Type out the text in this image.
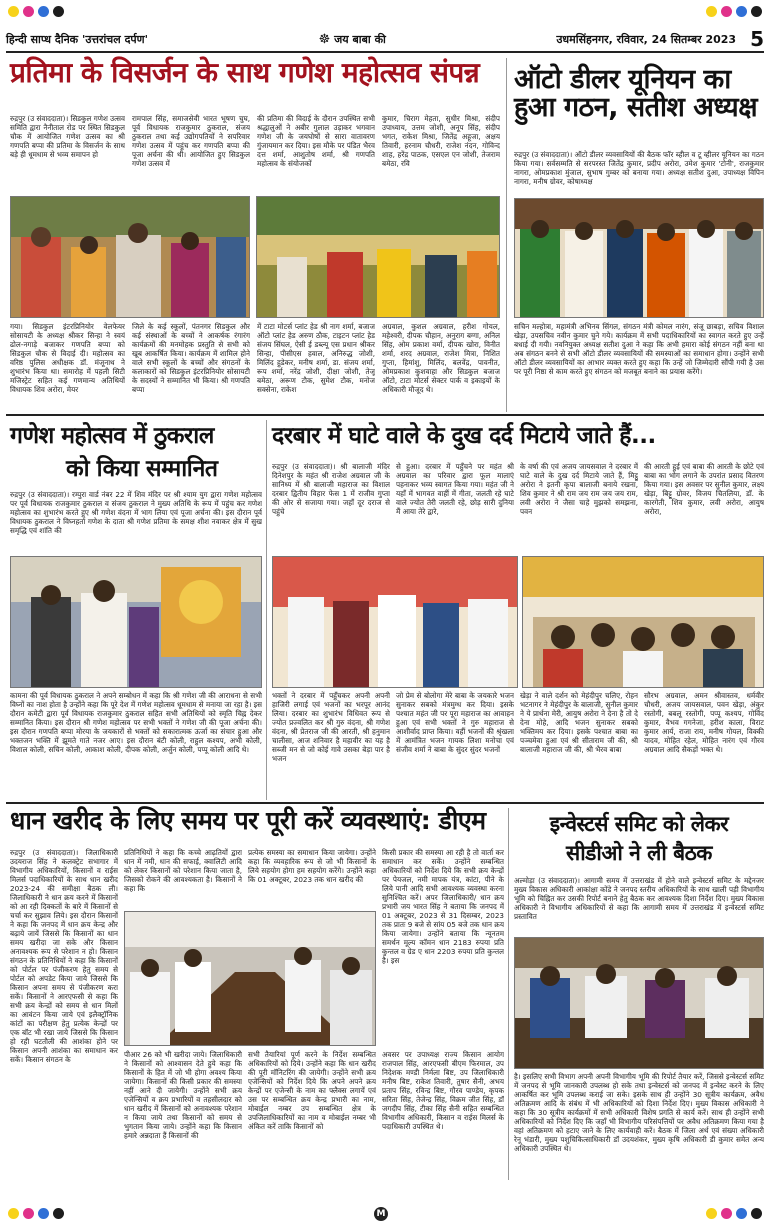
हिन्दी साप्ध दैनिक 'उत्तरांचल दर्पण'	☸ जय बाबा की	उधमसिंहनगर, रविवार, 24 सितम्बर 2023 5
प्रतिमा के विसर्जन के साथ गणेश महोत्सव संपन्न
रुद्रपुर (उ स‍ंवाददाता)। सिडकुल गणेश उत्सव समिति द्वारा नैनीताल रोड पर स्थित सिडकुल चौक में आयोजित गणेश उत्सव का श्री गणपति बप्पा की प्रतिमा के विसर्जन के साथ बड़े ही धूमधाम से भव्य समापन हो
रामपाल सिंह, समाजसेवी भारत भूषण चुघ, पूर्व विधायक राजकुमार ठुकराल, संजय ठुकराल तथा कई उद्योगपतियों ने सपरिवार गणेश उत्सव में पहुंच कर गणपति बप्पा की पूजा अर्चना की थी। आयोजित हुए सिडकुल गणेश उत्सव में
की प्रतिमा की विदाई के दौरान उपस्थित सभी श्रद्धालुओं ने अबीर गुलाल उड़ाकर भगवान गणेश जी के जयघोषों से सारा वातावरण गुंजायमान कर दिया। इस मौके पर पंडित भैरव दत्त शर्मा, आशुतोष शर्मा, श्री गणपति महोत्सव के संयोजकों
कुमार, चिराग मेहता, सुधीर मिश्रा, संदीप उपाध्याय, उत्तम जोशी, अनूप सिंह, संदीप भगत, राकेश मिश्रा, जितेंद्र अहूजा, अक्षय तिवारी, हरनाम चौधरी, राजेश नंदन, गोविन्द शाह, हरेंद्र पाठक, एसएल एन जोशी, तेजराम बमेठा, रवि
गया। सिडकुल इंटरप्रिनियोर वेलफेयर सोसायटी के अध्यक्ष श्रीकर सिन्हा ने स्वयं ढोल-नगाड़े बजाकर गणपति बप्पा को सिडकुल चौक से विदाई दी। महोत्सव का वरिष्ठ पुलिस अधीक्षक डॉ. मंजूनाथ ने शुभारंभ किया था। समारोह में पहली सिटी मजिस्ट्रेट सहित कई गणमान्य अतिथियों विधायक शिव अरोरा, मेयर
जिले के कई स्कूलों, पंतनगर सिडकुल और कई संस्थाओं के बच्चों ने आकर्षक रंगारंग कार्यक्रमों की मनमोहक प्रस्तुति से सभी को खूब आकर्षित किया। कार्यक्रम में शामिल होने वाले सभी स्कूलों के बच्चों और संगठनों के कलाकारों को सिडकुल इंटरप्रिनियोर सोसायटी के सदस्यों ने सम्मानित भी किया। श्री गणपति बप्पा
में टाटा मोटर्स प्लांट हेड श्री नाग शर्मा, बजाज ऑटो प्लांट हेड अरुण ठौक, टाइटन प्लांट हेड संजय सिंघल, ऐसी ई डब्ल्यू एस प्रधान श्रीकर सिन्हा, पीसीएस हवाल, अनिरुद्ध जोशी, मिलिंद हुडेकर, मनीष शर्मा, डा. संजय शर्मा, रूप शर्मा, नरेंद्र जोशी, दीक्षा जोशी, तेजू बमेठा, अरूण टौक, सुमेश टौक, मनोज सक्सेना, राकेश
अग्रवाल, कुशल अग्रवाल, हरीश गोयल, महेश्वरी, दीपक चौहान, अनुराग बग्गा, अनिल सिंह, ओम प्रकाश वर्मा, दीपक खोरा, विनीत शर्मा, शरद अग्रवाल, राजेश मित्रा, निशित गुप्ता, हिमांशु, मिलिंद, बलवेंद्र, पावनीत, ओमप्रकाश कुशवाहा और सिडकुल बजाज ऑटो, टाटा मोटर्स सेक्टर पार्क व इकाइयों के अधिकारी मौजूद थे।
ऑटो डीलर यूनियन का हुआ गठन, सतीश अध्यक्ष
रुद्रपुर (उ स‍ंवाददाता)। ऑटो डीलर व्यवसायियों की बैठक फॉर ब्हील व टू व्हीलर यूनियन का गठन किया गया। सर्वसम्मति से सरपरस्त जितेंद्र कुमार, प्रदीप अरोरा, उमेश कुमार 'टोनी', राजकुमार नागरा, ओमप्रकाश मुंजाल, सुभाष गुम्बर को बनाया गया। अध्यक्ष सतीश दुआ, उपाध्यक्ष विपिन नागरा, मनीष ग्रोवर, कोषाध्यक्ष
सचिन मल्होत्रा, महामंत्री अभिनव सिंगल, संगठन मंत्री कोमल नारंग, संजू छाबड़ा, सचिव विशाल खेड़ा, उपसचिव नवीन कुमार चुने गये। कार्यक्रम में सभी पदाधिकारियों का स्वागत करते हुए उन्हें बधाई दी गयी। नवनियुक्त अध्यक्ष सतीश दुआ ने कहा कि अभी हमारा कोई संगठन नहीं बना था अब संगठन बनने से सभी ऑटो डीलर व्यवसायियों की समस्याओं का समाधान होगा। उन्होंने सभी ऑटो डीलर व्यवसायियों का आभार व्यक्त करते हुए कहा कि उन्हें जो जिम्मेदारी सौंपी गयी है उस पर पूरी निष्ठा से काम करते हुए संगठन को मजबूत बनाने का प्रयास करेंगे।
गणेश महोत्सव में ठुकराल
को किया सम्मानित
रुद्रपुर (उ स‍ंवाददाता)। रम्पुरा वार्ड नंबर 22 में शिव मंदिर पर श्री श्याम युग द्वारा गणेश महोत्सव पर पूर्व विधायक राजकुमार ठुकराल व संजय ठुकराल ने मुख्य अतिथि के रूप में पहुंच कर गणेश महोत्सव का शुभारंभ करते हुए श्री गणेश वंदना में भाग लिया एवं पूजा अर्चना की। इस दौरान पूर्व विधायक ठुकराल ने विघ्नहर्ता गणेश के दाता श्री गणेश प्रतिमा के समक्ष शीश नवाकर क्षेत्र में सुख समृद्धि एवं शांति की
कामना की पूर्व विधायक ठुकराल ने अपने सम्बोधन में कहा कि श्री गणेश जी की आराधना से सभी विघ्नों का नाश होता है उन्होंने कहा कि पूरे देश में गणेश महोत्सव धूमधाम से मनाया जा रहा है। इस दौरान कमेटी द्वारा पूर्व विधायक राजकुमार ठुकराल सहित सभी अतिथियों को स्मृति चिह्न देकर सम्मानित किया। इस दौरान श्री गणेश महोत्सव पर सभी भक्तों ने गणेश जी की पूजा अर्चना की। इस दौरान गणपति बप्पा मोरया के जयकारों से भक्तों को सकारात्मक ऊर्जा का संचार हुआ और भक्तजन भक्ति में झूमते गाते नजर आए। इस दौरान बंटी कोली, राहुल कश्यप, अभी कोली, विशाल कोली, सचिन कोली, आकाश कोली, दीपक कोली, अर्जुन कोली, पप्पू कोली आदि थे।
दरबार में घाटे वाले के दुख दर्द मिटाये जाते हैं...
रुद्रपुर (उ स‍ंवाददाता)। श्री बालाजी मंदिर दिनेशपुर के महंत श्री राजेश अग्रवाल जी के सानिध्य में श्री बालाजी महाराज का विशाल दरबार द्वितीय विहार फेस 1 में राजीव गुप्ता की ओर से सजाया गया। जहाँ दूर दराज से पहुंचे
से हुआ। दरबार में पहुँचने पर महंत श्री अग्रवाल का परिवार द्वारा फूल मालाएं पहनाकर भव्य स्वागत किया गया। महंत जी ने यहाँ में भागवत वाहीं में गीता, जलती रहे घाटे वाले ज्योत तेरी जलती रहे, छोड़ सारी दुनिया मैं आया तेरे द्वारे,
के वर्षा की एवं अजय जायसवाल ने दरबार में घाटे वाले के दुख दर्द मिटाये जाते हैं, मिट्ठू अरोरा ने इतनी कृपा बालाजी बनाये रखना, शिव कुमार ने श्री राम जय राम जय जय राम, लवी अरोरा ने जैसा चाहे मुझको समझना, पवन
की आरती हुई एवं बाबा की आरती के छोटे एवं बाबा का भोग लगाने के उपरांत प्रसाद वितरण किया गया। इस अवसर पर सुनील कुमार, लक्ष्य खेड़ा, बिट्टू ग्रोवर, विजय चितलिया, डॉ. के कारगेती, शिव कुमार, लवी अरोरा, आयुष अरोरा,
भक्तों ने दरबार में पहुँचकर अपनी अपनी हाजिरी लगाई एवं भजनों का भरपूर आनंद लिया। दरबार का शुभारंभ विधिवत रूप से ज्योत प्रज्वलित कर श्री गुरु वंदना, श्री गणेश वंदना, श्री प्रेतराज जी की आरती, श्री हनुमान चालीसा, आज शनिवार है महावीर का यह है सब्जी मन से जो कोई गावे उसका बेड़ा पार है भजन
जो प्रेम से बोलोगा मेरे बाबा के जयकारे भजन सुनाकर सबको मंत्रमुग्ध कर दिया। इसके पश्चात महंत जी पर पूरा महाराज का आवाहन हुआ एवं सभी भक्तों ने गुरु महाराज से आशीर्वाद प्राप्त किया। वहीं भजनों की श्रृंखला में आमंत्रित भजन गायक लिशा मनोचा एवं संजीव शर्मा ने बाबा के सुंदर सुंदर भजनों
खेड़ा ने वाले दर्शन को मेहंदीपुर चलिए, रोहन भटनागर ने मेहंदीपुर के बालाजी, सुनील कुमार ने ये प्रार्थना मेरी, आयुष अरोरा ने देना है तो दे देना मोहे, आदि भजन सुनाकर सबको भक्तिमय कर दिया। इसके पश्चात बाबा का पञ्चमेवा हुआ एवं श्री सीताराम जी की, श्री बालाजी महाराज जी की, श्री भैरव बाबा
सौरभ अग्रवाल, अमन श्रीवास्तव, धर्मवीर चौधरी, अजय जायसवाल, पवन खेड़ा, अंकुर रस्तोगी, बबलू रस्तोगी, पप्पू कश्यप, गोविंद कुमार, वैभव गगनेजा, हरीश काला, विराट कुमार आर्य, राजा राय, मनीष गोयल, विक्की यादव, मोहित रहेल, मोहित नारंग एवं गौरव अग्रवाल आदि सैकड़ों भक्त थे।
धान खरीद के लिए समय पर पूरी करें व्यवस्थाएं: डीएम
रुद्रपुर (उ स‍ंवाददाता)। जिलाधिकारी उदयराज सिंह ने कलक्ट्रेट सभागार में विभागीय अधिकारियों, किसानों व राईस मिलर्स पदाधिकारियों के साथ धान खरीद 2023-24 की समीक्षा बैठक ली। जिलाधिकारी ने धान क्रय करने में किसानों को आ रही दिक्कतों के बारे में किसानों से चर्चा कर सुझाव लिये। इस दौरान किसानों ने कहा कि जनपद में धान क्रय केन्द्र और बढ़ाये जायें जिससे कि किसानों का धान समय खरीदा जा सके और किसान अनावश्यक रूप से परेशान न हो। किसान संगठन के प्रतिनिधियों ने कहा कि किसानों को पोर्टल पर पंजीकरण हेतु समय से पोर्टल को अपडेट किया जाये जिससे कि किसान अपना समय से पंजीकरण करा सकें। किसानों ने आरएफसी से कहा कि सभी क्रय केन्द्रों को समय से धान मिलों का आवंटन किया जाये एवं इलैक्ट्रॉनिक कांटों का परीक्षण हेतु प्रत्येक केन्द्रों पर एक बॉट भी रखा जाये जिससे कि किसान हो रही घटतौली की आशंका होने पर किसान अपनी आशंका का समाधान कर सकें। किसान संगठन के
प्रतिनिधियों ने कहा कि कच्चे आढ़तियों द्वारा धान में नमी, धान की सफाई, क्वालिटी आदि को लेकर किसानों को परेशान किया जाता है, जिसको रोकने की आवश्यकता है। किसानों ने कहा कि
प्रत्येक समस्या का समाधान किया जायेगा। उन्होंने कहा कि व्यवहारिक रूप से जो भी किसानों के लिये सहयोग होगा हम सहयोग करेंगे। उन्होंने कहा कि 01 अक्टूबर, 2023 तक धान खरीद की
किसी प्रकार की समस्या आ रही है तो वार्ता कर समाधान कर सकें। उन्होंने सम्बन्धित अधिकारियों को निर्देश दिये कि सभी क्रय केन्द्रों पर पेयजल, नमी मापक यंत्र, कांटा, पीने के लिये पानी आदि सभी आवश्यक व्यवस्था करना सुनिश्चित करें। अपर जिलाधिकारी/ धान क्रय प्रभारी जय भारत सिंह ने बताया कि जनपद में 01 अक्टूबर, 2023 से 31 दिसम्बर, 2023 तक प्रातः 9 बजे से सांय 05 बजे तक धान क्रय किया जायेगा। उन्होंने बताया कि न्यूनतम समर्थन मूल्य कॉमन धान 2183 रुपया प्रति कुन्तल व ग्रेड ए धान 2203 रुपया प्रति कुन्तल है। इस
पीआर 26 को भी खरीदा जाये। जिलाधिकारी ने किसानों को आश्वासन देते हुये कहा कि किसानों के हित में जो भी होगा अवश्य किया जायेगा। किसानों की किसी प्रकार की समस्या नहीं आने दी जायेगी। उन्होंने सभी क्रय एजेन्सियों व क्रय प्रभारियों व तहसीलदार को धान खरीद में किसानों को अनावश्यक परेशान न किया जाये तथा किसानों को समय से भुगतान किया जाये। उन्होंने कहा कि किसान हमारे अन्नदाता हैं किसानों की
सभी तैयारियां पूर्ण करने के निर्देश सम्बन्धित अधिकारियों को दिये। उन्होंने कहा कि धान खरीद की पूरी मॉनिटरिंग की जायेगी। उन्होंने सभी क्रय एजेन्सियों को निर्देश दिये कि अपने अपने क्रय केन्द्रों पर एजेन्सी के नाम का फ्लैक्स लगायें एवं उस पर सम्बन्धित क्रय केन्द्र प्रभारी का नाम, मोबाईल नम्बर उप सम्बन्धित क्षेत्र के उपजिलाधिकारियों का नाम व मोबाईल नम्बर भी अंकित करें ताकि किसानों को
अवसर पर उपाध्यक्ष राज्य किसान आयोग राजपाल सिंह, आरएफसी बीएम फिरमाल, उप निदेशक मण्डी निर्मला बिष्ट, उप जिलाधिकारी मनीष बिष्ट, राकेश तिवारी, तुषार सैनी, अभय प्रताप सिंह, रविन्द्र बिष्ट, गौरव पाण्डेय, कृपक सरिता सिंह, तेजेन्द्र सिंह, विक्रम जीत सिंह, डाॅ जगदीप सिंह, टीका सिंह सैनी सहित सम्बन्धित विभागीय अधिकारी, किसान व राईस मिलर्स के पदाधिकारी उपस्थित थे।
इन्वेस्टर्स समिट को लेकर
सीडीओ ने ली बैठक
अल्मोड़ा (उ स‍ंवाददाता)। आगामी समय में उत्तराखंड में होने वाले इन्वेस्टर्स समिट के मद्देनजर मुख्य विकास अधिकारी आकांक्षा कोंडे ने जनपद स्तरीय अधिकारियों के साथ खाली पड़ी विभागीय भूमि को चिह्नित कर उसकी रिपोर्ट बनाने हेतु बैठक कर आवश्यक दिशा निर्देश दिए। मुख्य विकास अधिकारी ने विभागीय अधिकारियों से कहा कि आगामी समय में उत्तराखंड में इन्वेस्टर्स समिट प्रस्तावित
है। इसलिए सभी विभाग अपनी अपनी विभागीय भूमि की रिपोर्ट तैयार करें, जिससे इन्वेस्टर्स समिट में जनपद से भूमि जानकारी उपलब्ध हो सके तथा इन्वेस्टर्स को जनपद में इन्वेस्ट करने के लिए आकर्षित कर भूमि उपलब्ध कराई जा सके। इसके साथ ही उन्होंने 30 सूत्रीय कार्यक्रम, अवैध अतिक्रमण आदि के संबंध में भी अधिकारियों को दिशा निर्देश दिए। मुख्य विकास अधिकारी ने कहा कि 30 सूत्रीय कार्यक्रमों में सभी अधिकारी विशेष प्रगति से कार्य करें। साथ ही उन्होंने सभी अधिकारियों को निर्देश दिए कि जहाँ भी विभागीय परिसंपत्तियों पर अवैध अतिक्रमण किया गया है वहां अतिक्रमण को हटाए जाने के लिए कार्यवाही करें। बैठक में जिला अर्थ एवं संख्या अधिकारी रेनू भंडारी, मुख्य पशुचिकित्साधिकारी डॉ उदयशंकर, मुख्य कृषि अधिकारी डी कुमार समेत अन्य अधिकारी उपस्थित थे।
M
